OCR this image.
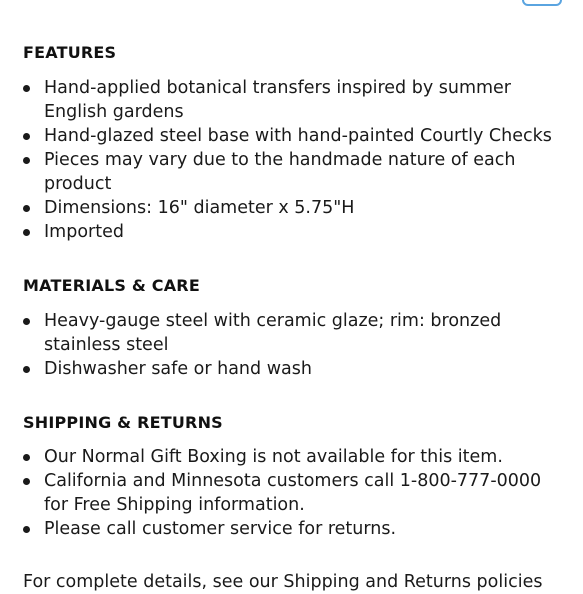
FEATURES
Hand-applied botanical transfers inspired by summer English gardens
Hand-glazed steel base with hand-painted Courtly Checks
Pieces may vary due to the handmade nature of each product
Dimensions: 16" diameter x 5.75"H
Imported
MATERIALS & CARE
Heavy-gauge steel with ceramic glaze; rim: bronzed stainless steel
Dishwasher safe or hand wash
SHIPPING & RETURNS
Our Normal Gift Boxing is not available for this item.
California and Minnesota customers call 1-800-777-0000 for Free Shipping information.
Please call customer service for returns.
For complete details, see our Shipping and Returns policies
